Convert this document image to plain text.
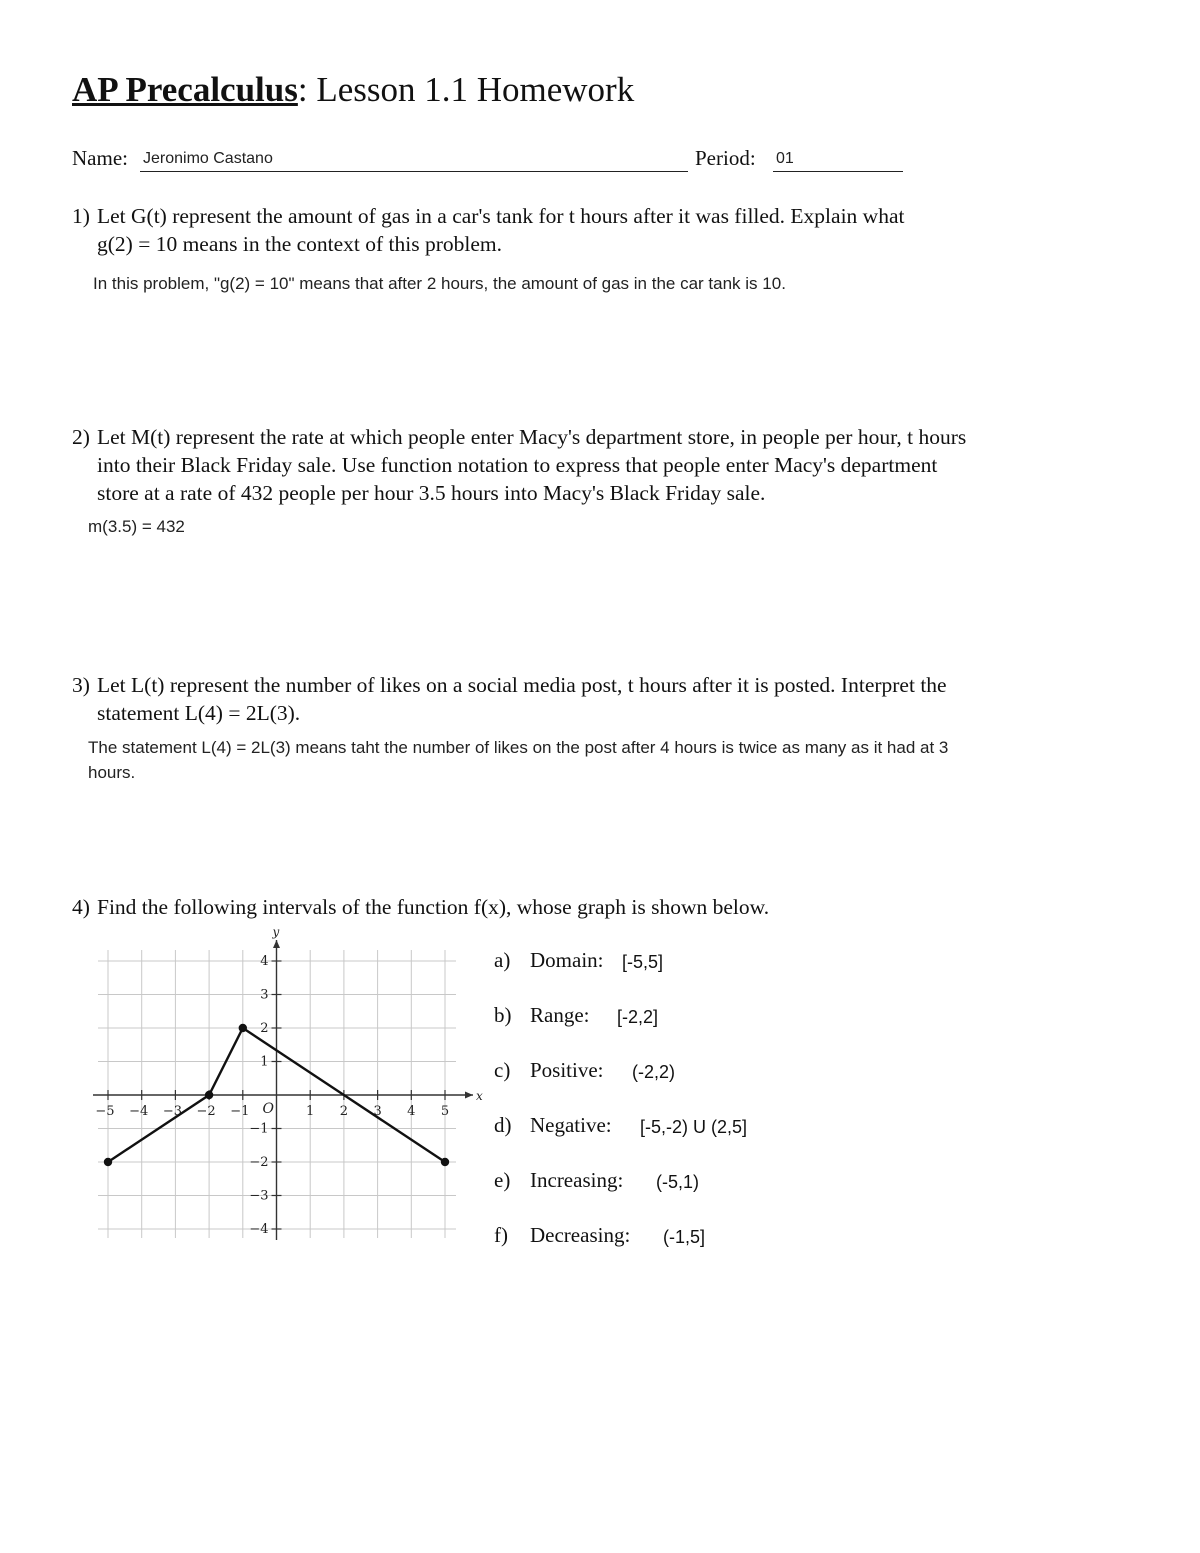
AP Precalculus: Lesson 1.1 Homework
Name: Jeronimo Castano	Period: 01
1) Let G(t) represent the amount of gas in a car's tank for t hours after it was filled. Explain what
g(2) = 10 means in the context of this problem.
In this problem, "g(2) = 10" means that after 2 hours, the amount of gas in the car tank is 10.
2) Let M(t) represent the rate at which people enter Macy's department store, in people per hour, t hours
into their Black Friday sale. Use function notation to express that people enter Macy's department
store at a rate of 432 people per hour 3.5 hours into Macy's Black Friday sale.
m(3.5) = 432
3) Let L(t) represent the number of likes on a social media post, t hours after it is posted. Interpret the
statement L(4) = 2L(3).
The statement L(4) = 2L(3) means taht the number of likes on the post after 4 hours is twice as many as it had at 3
hours.
4) Find the following intervals of the function f(x), whose graph is shown below.
−5 −4 −3 −2 −1	1 2 3 4 5
−4
−3
−2
−1
1
2
3
4
O
x
y
a) Domain: [-5,5]
b) Range: [-2,2]
c) Positive: (-2,2)
d) Negative: [-5,-2) U (2,5]
e) Increasing: (-5,1)
f) Decreasing: (-1,5]
